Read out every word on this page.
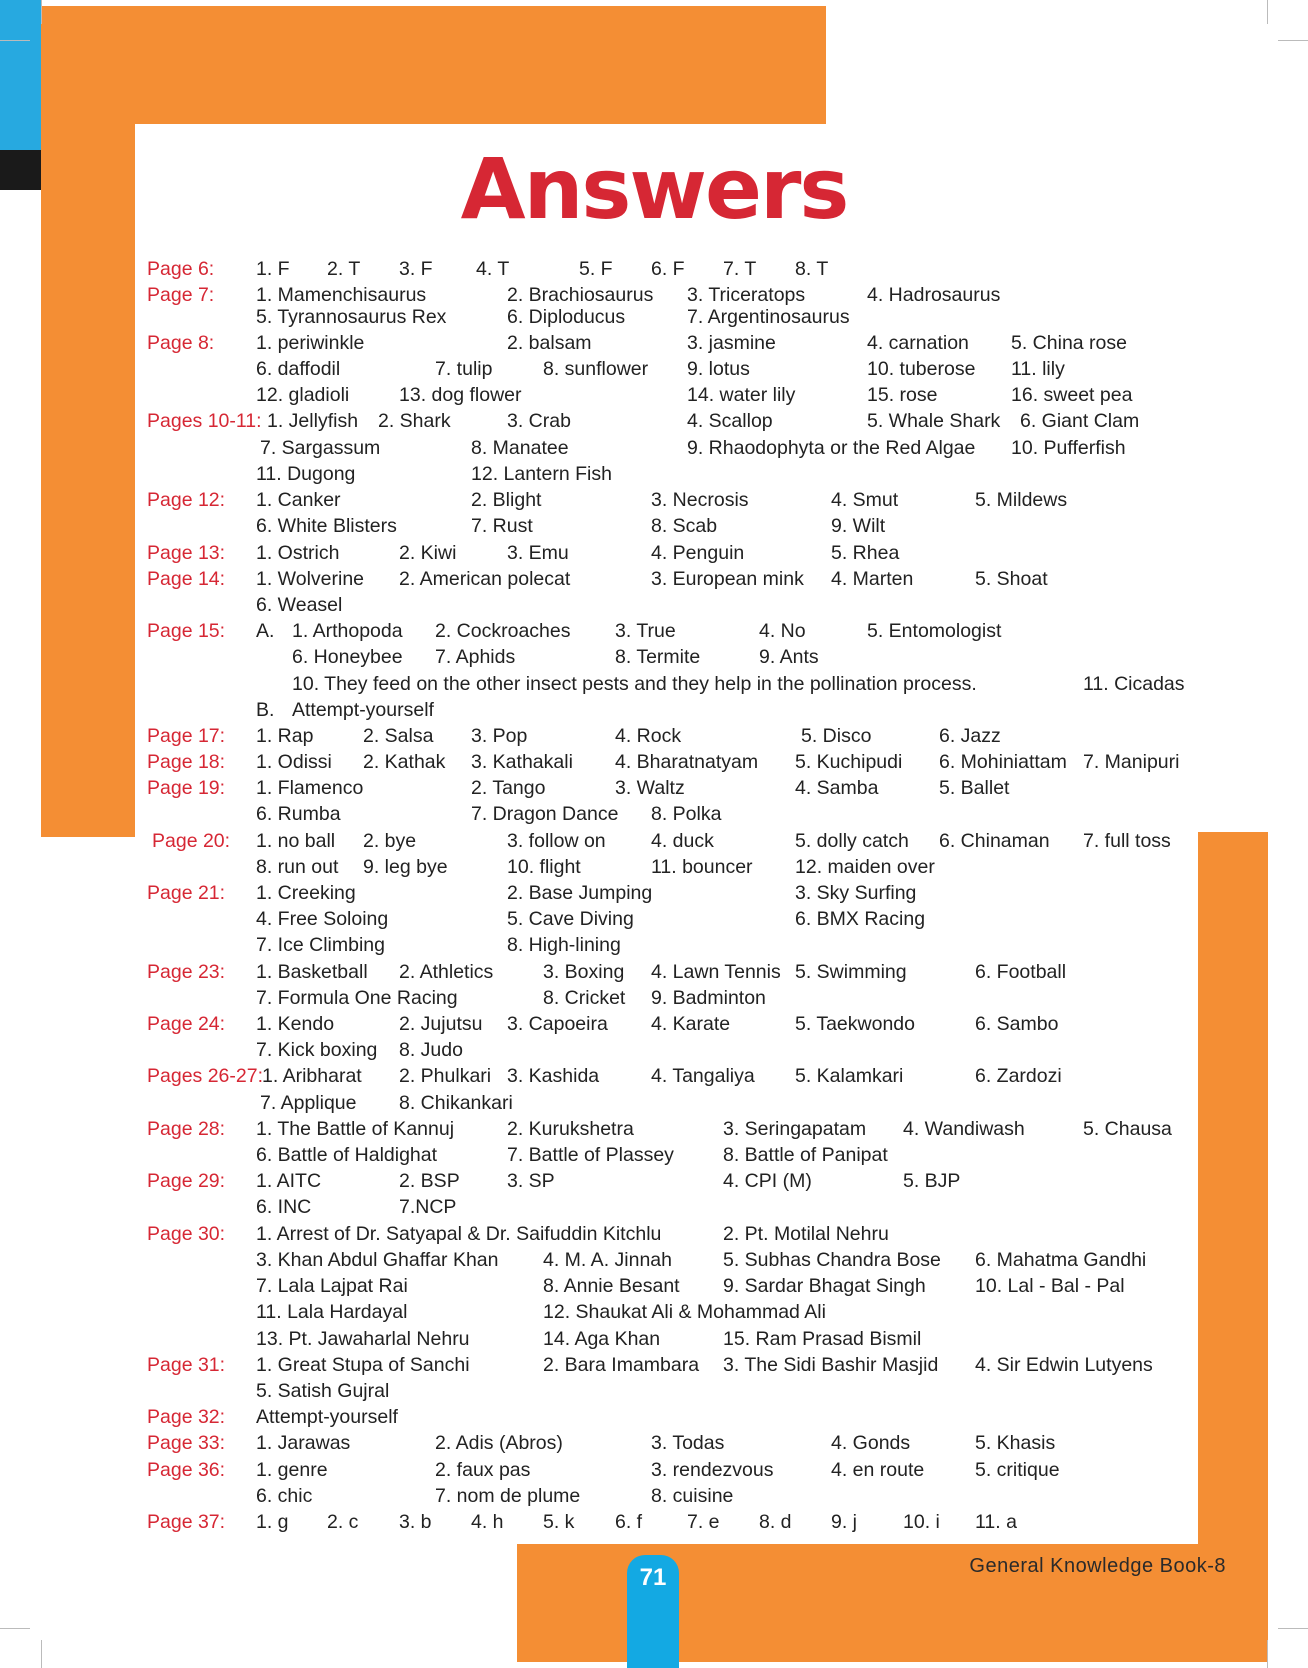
Answers
Page 6: 1. F 2. T 3. F 4. T	5. F 6. F 7. T 8. T
Page 7: 1. Mamenchisaurus	2. Brachiosaurus 3. Triceratops	4. Hadrosaurus
5. Tyrannosaurus Rex	6. Diploducus	7. Argentinosaurus
Page 8: 1. periwinkle	2. balsam	3. jasmine	4. carnation 5. China rose
6. daffodil	7. tulip	8. sunflower 9. lotus	10. tuberose 11. lily
12. gladioli	13. dog flower	14. water lily	15. rose	16. sweet pea
Pages 10-11: 1. Jellyfish 2. Shark	3. Crab	4. Scallop	5. Whale Shark 6. Giant Clam
7. Sargassum	8. Manatee	9. Rhaodophyta or the Red Algae 10. Pufferfish
11. Dugong	12. Lantern Fish
Page 12: 1. Canker	2. Blight	3. Necrosis	4. Smut	5. Mildews
6. White Blisters	7. Rust	8. Scab	9. Wilt
Page 13: 1. Ostrich	2. Kiwi	3. Emu	4. Penguin	5. Rhea
Page 14: 1. Wolverine 2. American polecat	3. European mink 4. Marten	5. Shoat
6. Weasel
Page 15: A. 1. Arthopoda 2. Cockroaches 3. True	4. No	5. Entomologist
6. Honeybee 7. Aphids	8. Termite	9. Ants
10. They feed on the other insect pests and they help in the pollination process.	11. Cicadas
B. Attempt-yourself
Page 17: 1. Rap	2. Salsa 3. Pop	4. Rock	5. Disco	6. Jazz
Page 18: 1. Odissi 2. Kathak 3. Kathakali 4. Bharatnatyam 5. Kuchipudi 6. Mohiniattam 7. Manipuri
Page 19: 1. Flamenco	2. Tango	3. Waltz	4. Samba	5. Ballet
6. Rumba	7. Dragon Dance 8. Polka
Page 20: 1. no ball 2. bye	3. follow on 4. duck	5. dolly catch 6. Chinaman 7. full toss
8. run out 9. leg bye	10. flight	11. bouncer 12. maiden over
Page 21: 1. Creeking	2. Base Jumping	3. Sky Surfing
4. Free Soloing	5. Cave Diving	6. BMX Racing
7. Ice Climbing	8. High-lining
Page 23: 1. Basketball 2. Athletics	3. Boxing 4. Lawn Tennis 5. Swimming	6. Football
7. Formula One Racing	8. Cricket 9. Badminton
Page 24: 1. Kendo	2. Jujutsu 3. Capoeira 4. Karate	5. Taekwondo	6. Sambo
7. Kick boxing 8. Judo
Pages 26-27:
1. Aribharat 2. Phulkari 3. Kashida	4. Tangaliya 5. Kalamkari	6. Zardozi
7. Applique 8. Chikankari
Page 28: 1. The Battle of Kannuj	2. Kurukshetra	3. Seringapatam 4. Wandiwash	5. Chausa
6. Battle of Haldighat	7. Battle of Plassey	8. Battle of Panipat
Page 29: 1. AITC	2. BSP 3. SP	4. CPI (M)	5. BJP
6. INC	7.NCP
Page 30: 1. Arrest of Dr. Satyapal & Dr. Saifuddin Kitchlu	2. Pt. Motilal Nehru
3. Khan Abdul Ghaffar Khan 4. M. A. Jinnah	5. Subhas Chandra Bose 6. Mahatma Gandhi
7. Lala Lajpat Rai	8. Annie Besant 9. Sardar Bhagat Singh	10. Lal - Bal - Pal
11. Lala Hardayal	12. Shaukat Ali & Mohammad Ali
13. Pt. Jawaharlal Nehru	14. Aga Khan	15. Ram Prasad Bismil
Page 31: 1. Great Stupa of Sanchi	2. Bara Imambara 3. The Sidi Bashir Masjid 4. Sir Edwin Lutyens
5. Satish Gujral
Page 32: Attempt-yourself
Page 33: 1. Jarawas	2. Adis (Abros)	3. Todas	4. Gonds	5. Khasis
Page 36: 1. genre	2. faux pas	3. rendezvous	4. en route	5. critique
6. chic	7. nom de plume	8. cuisine
Page 37: 1. g 2. c 3. b 4. h 5. k 6. f 7. e 8. d 9. j 10. i 11. a
71	General Knowledge Book-8
